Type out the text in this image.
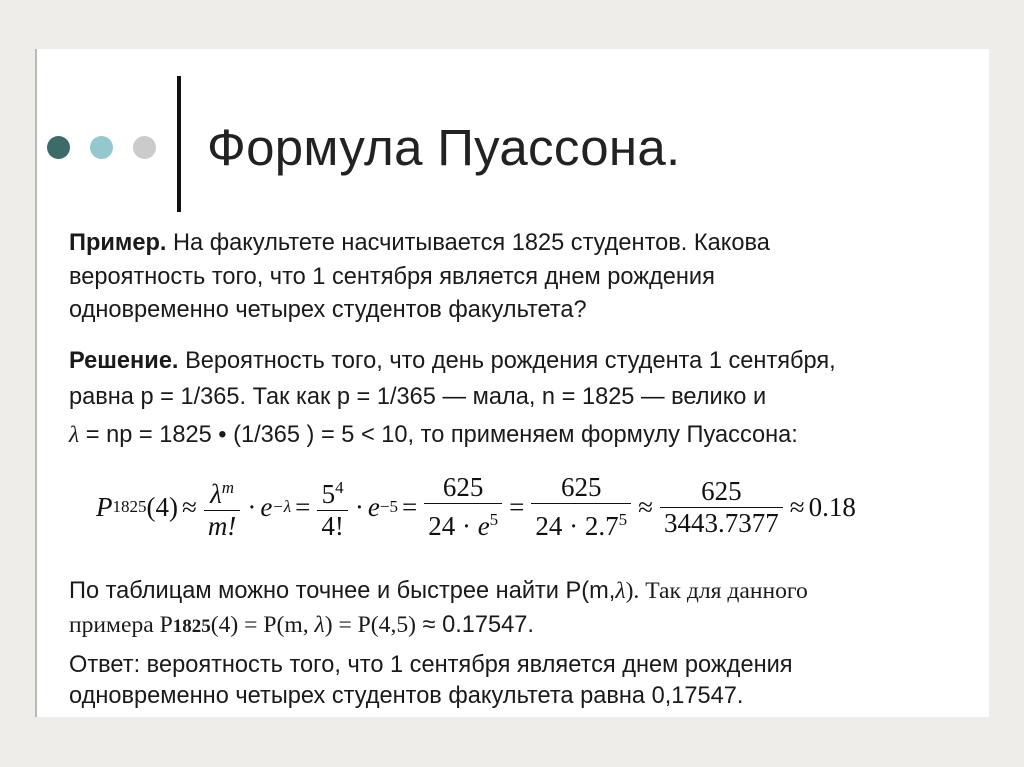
Формула Пуассона.
Пример. На факультете насчитывается 1825 студентов. Какова
вероятность того, что 1 сентября является днем рождения
одновременно четырех студентов факультета?
Решение. Вероятность того, что день рождения студента 1 сентября,
равна p = 1/365. Так как p = 1/365 — мала, n = 1825 — велико и
λ = np = 1825 • (1/365 ) = 5 < 10, то применяем формулу Пуассона:
P 1825 $(4) \approx \frac{\lambda^m}{m!} \cdot e -\lambda = \frac{5^4}{4!} \cdot e -5 = \frac{625}{24 \cdot e^5} = \frac{625}{24 \cdot 2.7^5} \approx \frac{625}{3443.7377} \approx 0.18$
По таблицам можно точнее и быстрее найти P(m,λ). Так для данного
примера P1825(4) = P(m, λ) = P(4,5) ≈ 0.17547.
Ответ: вероятность того, что 1 сентября является днем рождения
одновременно четырех студентов факультета равна 0,17547.
